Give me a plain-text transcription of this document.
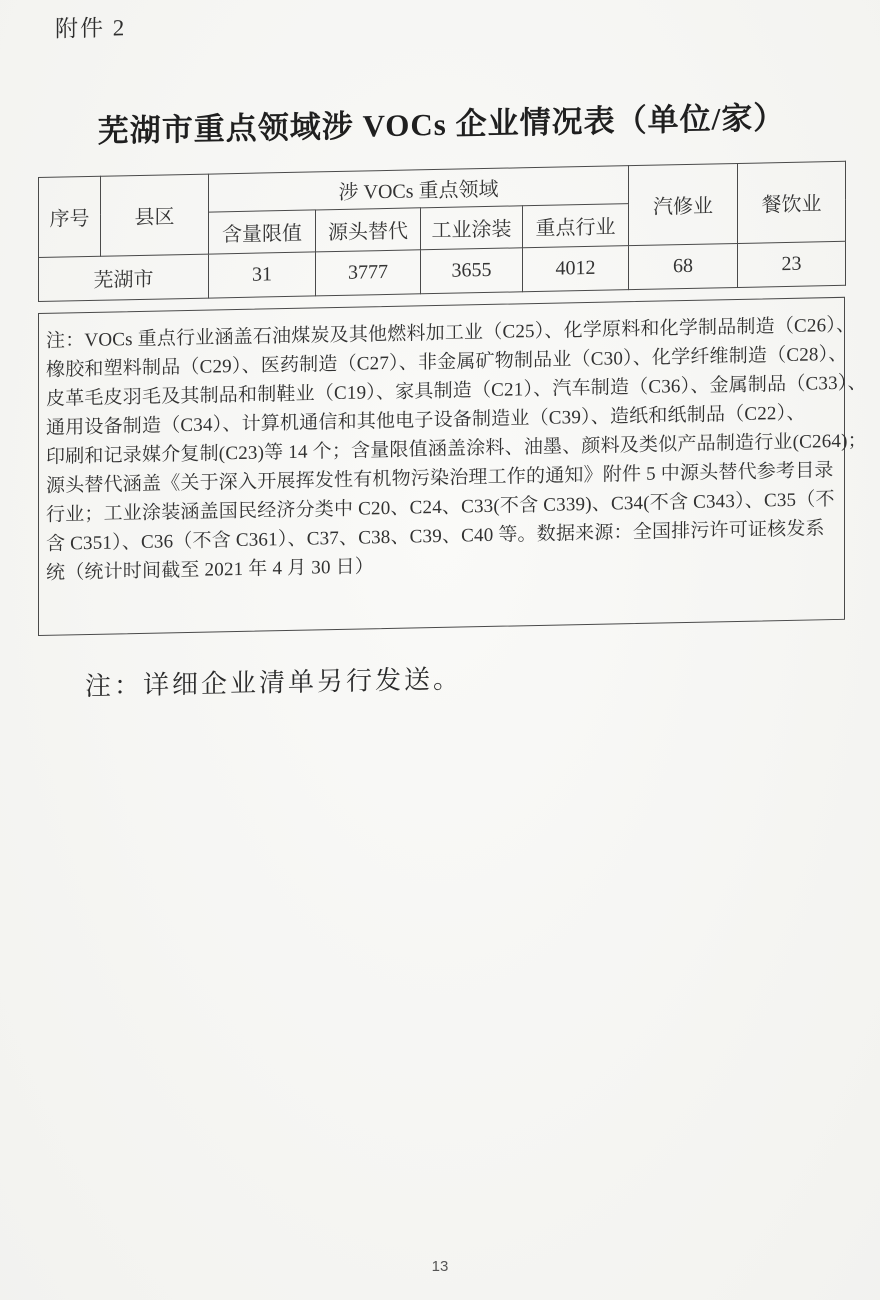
附件 2
芜湖市重点领域涉 VOCs 企业情况表（单位/家）
序号	县区	涉 VOCs 重点领域				汽修业	餐饮业
		含量限值	源头替代	工业涂装	重点行业		
芜湖市		31	3777	3655	4012	68	23
注：VOCs 重点行业涵盖石油煤炭及其他燃料加工业（C25）、化学原料和化学制品制造（C26）、
橡胶和塑料制品（C29）、医药制造（C27）、非金属矿物制品业（C30）、化学纤维制造（C28）、
皮革毛皮羽毛及其制品和制鞋业（C19）、家具制造（C21）、汽车制造（C36）、金属制品（C33）、
通用设备制造（C34）、计算机通信和其他电子设备制造业（C39）、造纸和纸制品（C22）、
印刷和记录媒介复制(C23)等 14 个；含量限值涵盖涂料、油墨、颜料及类似产品制造行业(C264)；
源头替代涵盖《关于深入开展挥发性有机物污染治理工作的通知》附件 5 中源头替代参考目录
行业；工业涂装涵盖国民经济分类中 C20、C24、C33(不含 C339)、C34(不含 C343）、C35（不
含 C351）、C36（不含 C361）、C37、C38、C39、C40 等。数据来源：全国排污许可证核发系
统（统计时间截至 2021 年 4 月 30 日）
注：详细企业清单另行发送。
13
